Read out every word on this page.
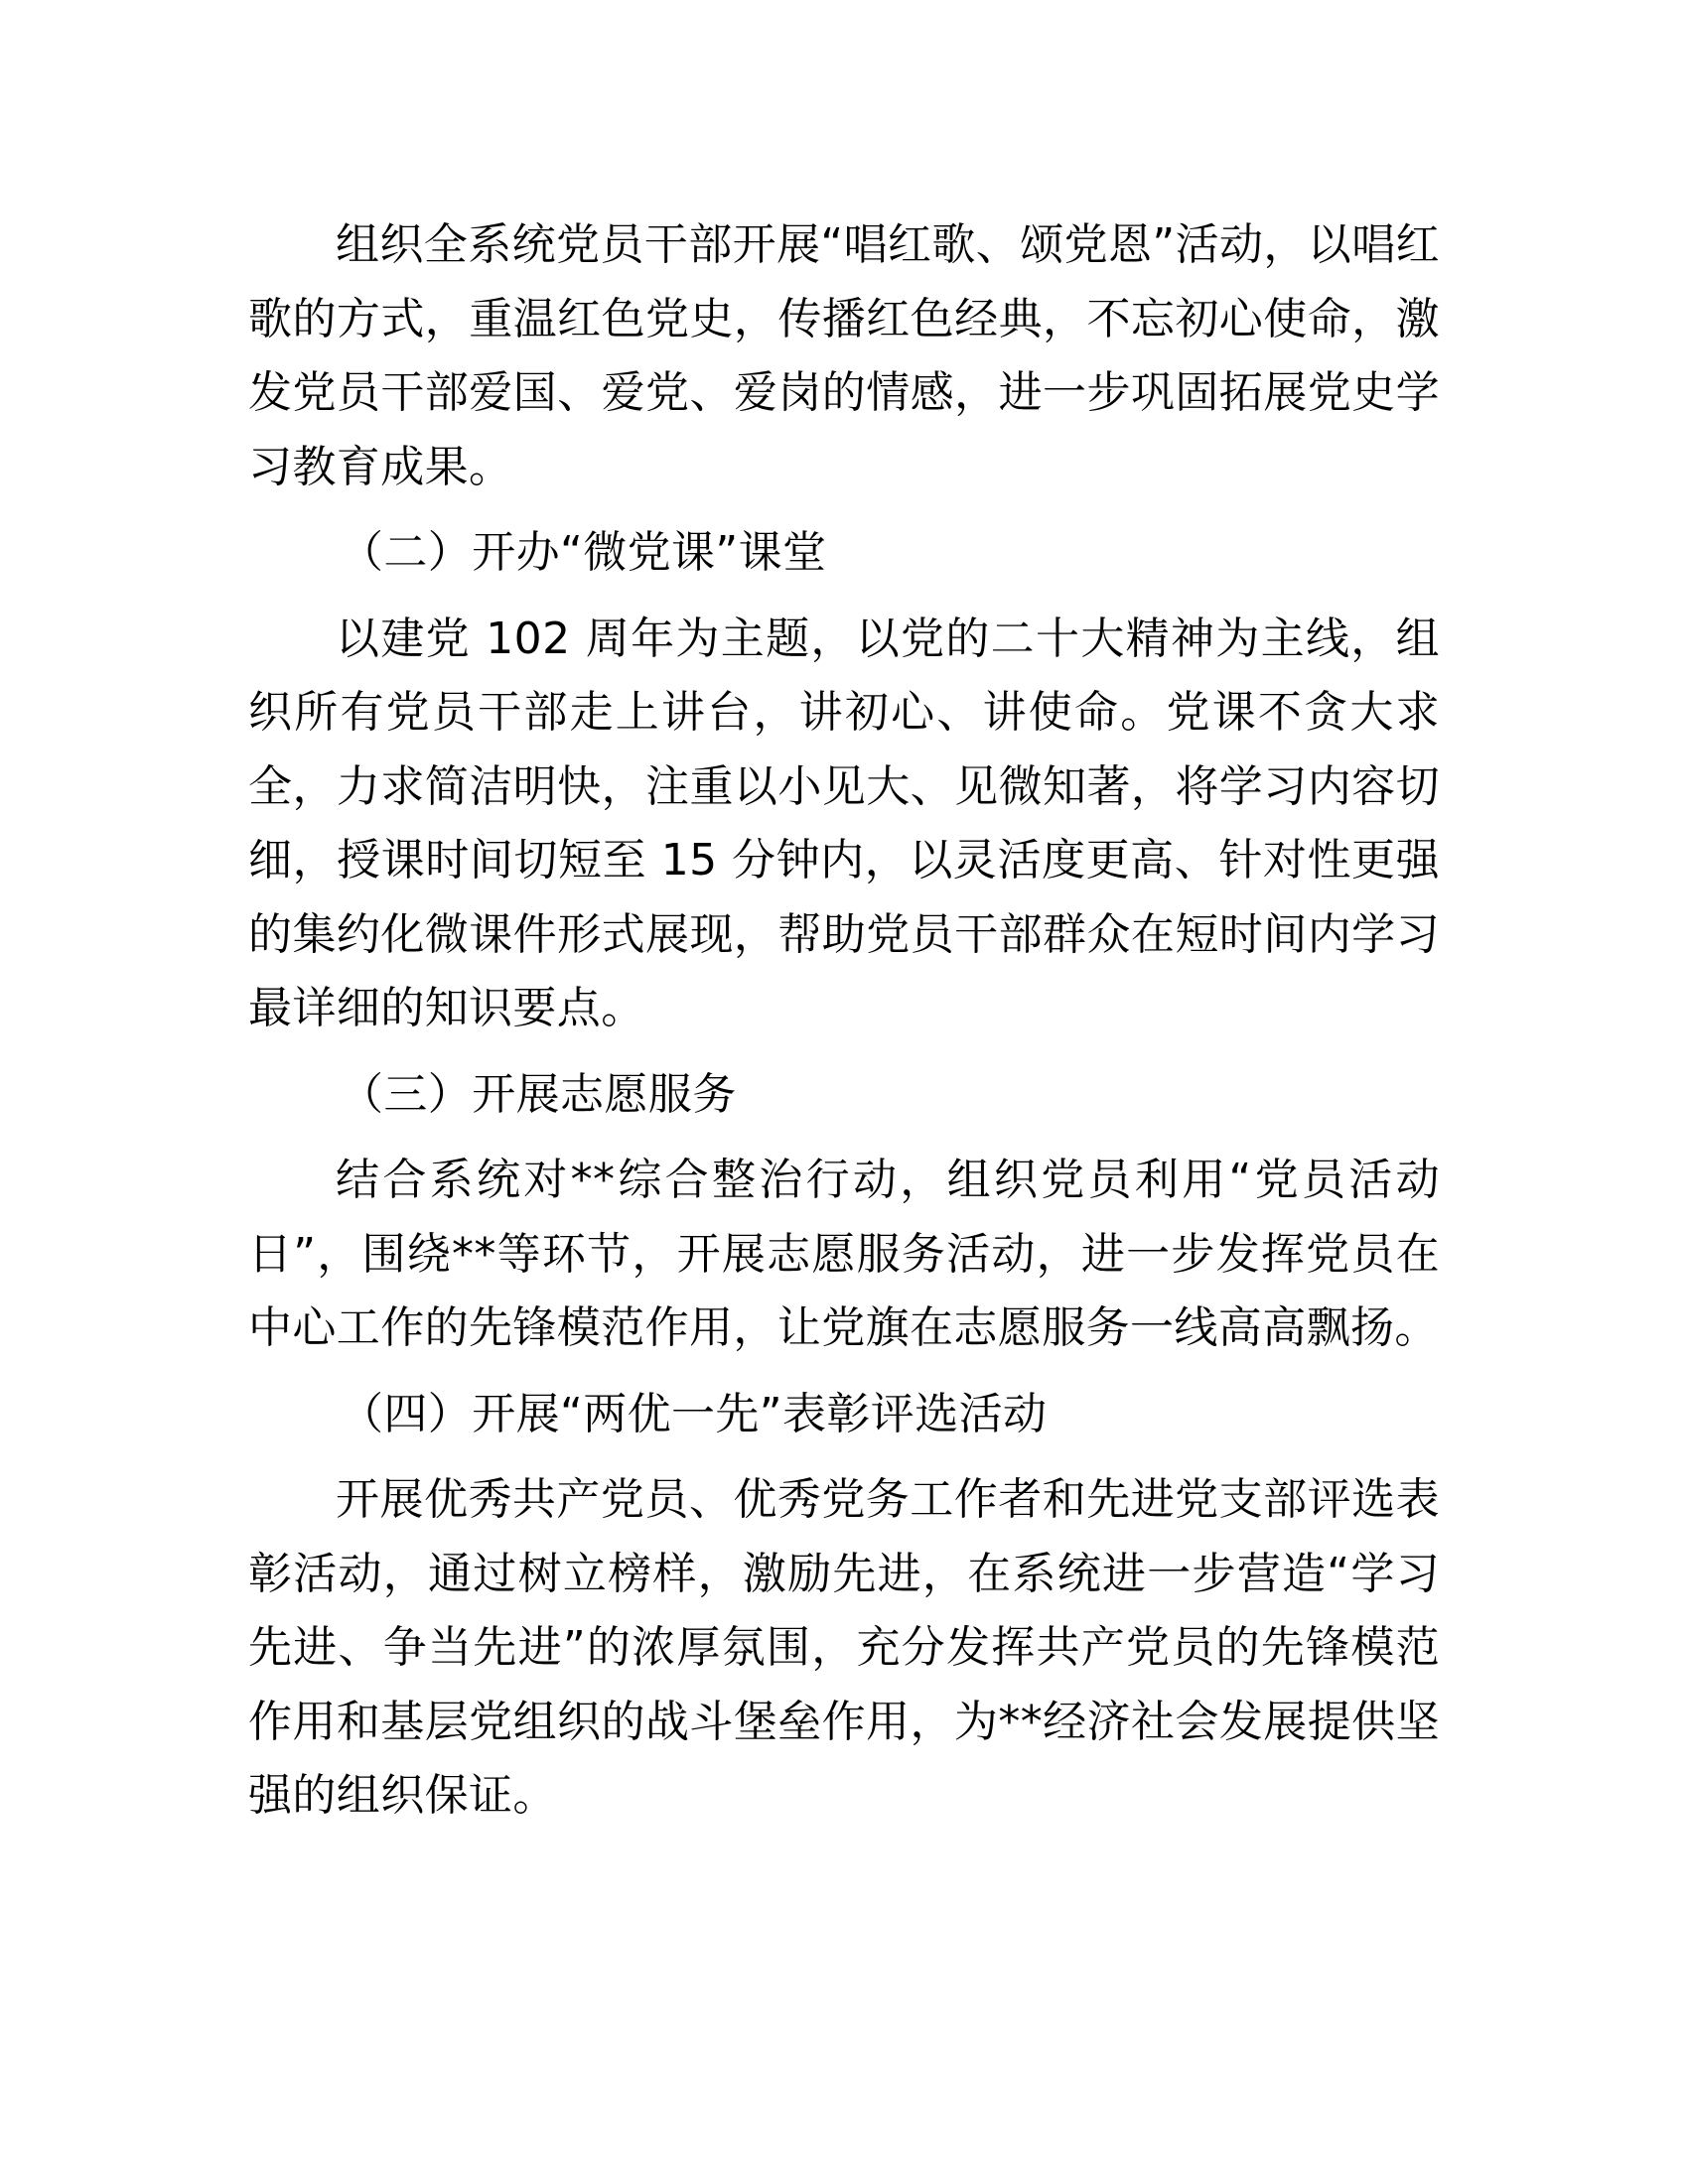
组织全系统党员干部开展“唱红歌、颂党恩”活动，以唱红歌的方式，重温红色党史，传播红色经典，不忘初心使命，激发党员干部爱国、爱党、爱岗的情感，进一步巩固拓展党史学习教育成果。

（二）开办“微党课”课堂

以建党 102 周年为主题，以党的二十大精神为主线，组织所有党员干部走上讲台，讲初心、讲使命。党课不贪大求全，力求简洁明快，注重以小见大、见微知著，将学习内容切细，授课时间切短至 15 分钟内，以灵活度更高、针对性更强的集约化微课件形式展现，帮助党员干部群众在短时间内学习最详细的知识要点。

（三）开展志愿服务

结合系统对**综合整治行动，组织党员利用“党员活动日”，围绕**等环节，开展志愿服务活动，进一步发挥党员在中心工作的先锋模范作用，让党旗在志愿服务一线高高飘扬。

（四）开展“两优一先”表彰评选活动

开展优秀共产党员、优秀党务工作者和先进党支部评选表彰活动，通过树立榜样，激励先进，在系统进一步营造“学习先进、争当先进”的浓厚氛围，充分发挥共产党员的先锋模范作用和基层党组织的战斗堡垒作用，为**经济社会发展提供坚强的组织保证。
